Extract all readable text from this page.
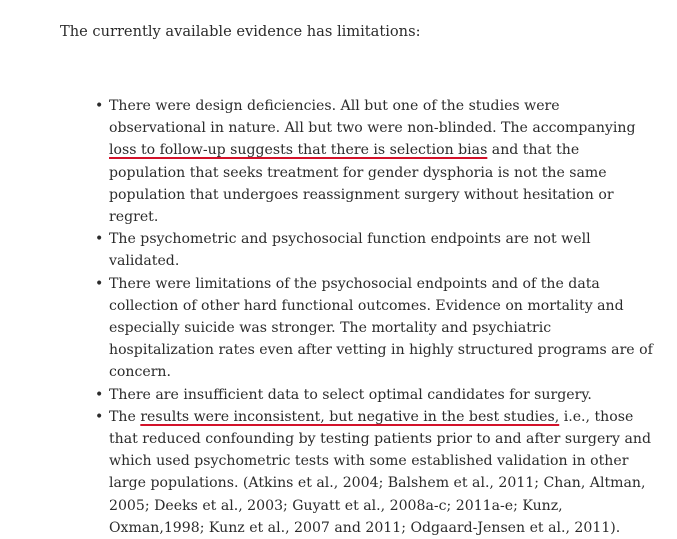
The currently available evidence has limitations:

• There were design deficiencies. All but one of the studies were observational in nature. All but two were non-blinded. The accompanying loss to follow-up suggests that there is selection bias and that the population that seeks treatment for gender dysphoria is not the same population that undergoes reassignment surgery without hesitation or regret.
• The psychometric and psychosocial function endpoints are not well validated.
• There were limitations of the psychosocial endpoints and of the data collection of other hard functional outcomes. Evidence on mortality and especially suicide was stronger. The mortality and psychiatric hospitalization rates even after vetting in highly structured programs are of concern.
• There are insufficient data to select optimal candidates for surgery.
• The results were inconsistent, but negative in the best studies, i.e., those that reduced confounding by testing patients prior to and after surgery and which used psychometric tests with some established validation in other large populations. (Atkins et al., 2004; Balshem et al., 2011; Chan, Altman, 2005; Deeks et al., 2003; Guyatt et al., 2008a-c; 2011a-e; Kunz, Oxman,1998; Kunz et al., 2007 and 2011; Odgaard-Jensen et al., 2011).
